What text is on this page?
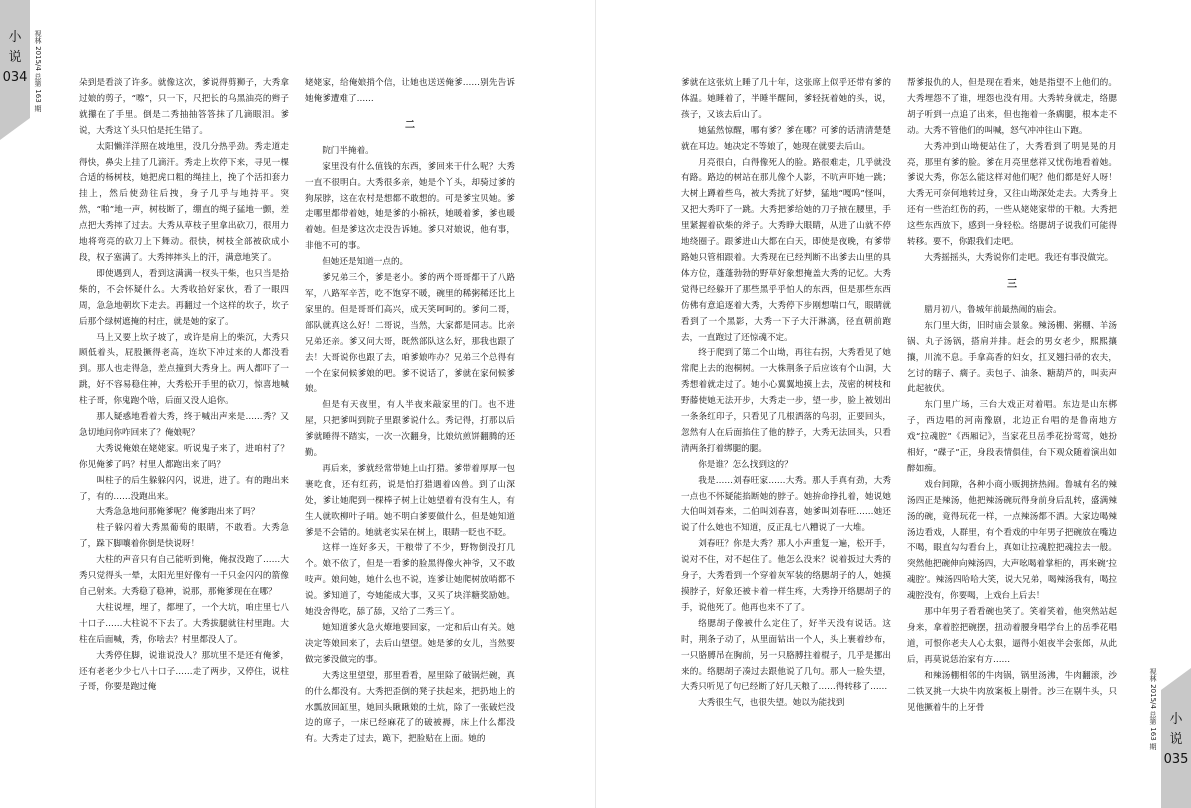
小
说
034 视林 2015/4 总第 163 期	朵到是看淡了许多。就像这次，爹说得剪狮子，大秀拿过娘的剪子，“嚓”，只一下，尺把长的乌黑油亮的辫子就攥在了手里。倒是二秀抽抽答答抹了几滴眼泪。爹说，大秀这丫头只怕是托生错了。

太阳懒洋洋照在坡地里，没几分热乎劲。秀走道走得快，鼻尖上挂了几滴汗。秀走上坎停下来，寻见一棵合适的杨树枝，她把虎口粗的绳挂上，挽了个活扣套力挂上，然后使劲往后拽，身子几乎与地持平。突然，“啪”地一声，树枝断了，绷直的绳子猛地一颤，差点把大秀摔了过去。大秀从草枝子里拿出砍刀，很用力地将弯亮的砍刀上下舞动。很快，树枝全部被砍成小段，权子塞满了。大秀摔摔头上的汗，满意地笑了。

即使遇到人，看到这满满一杈头干柴，也只当是拾柴的，不会怀疑什么。大秀收拾好家伙，看了一眼四周，急急地朝坎下走去。再翻过一个这样的坎子，坎子后那个绿树遮掩的村庄，就是她的家了。

马上又要上坎子坡了，或许是肩上的柴沉，大秀只顾低着头，屁股撅得老高，连坎下冲过来的人都没看到。那人也走得急，差点撞到大秀身上。两人都吓了一跳，好不容易稳住神，大秀松开手里的砍刀，惊喜地喊柱子哥，你鬼跑个啥，后面又没人追你。

那人疑惑地看着大秀，终于喊出声来是……秀？又急切地问你咋回来了？俺娘呢？

大秀说俺娘在姥姥家。听说鬼子来了，进咱村了？你见俺爹了吗？村里人都跑出来了吗？

叫柱子的后生躲躲闪闪，说进，进了。有的跑出来了，有的……没跑出来。

大秀急急地问那俺爹呢？俺爹跑出来了吗？

柱子躲闪着大秀黑葡萄的眼睛，不敢看。大秀急了，跺下脚嚷着你倒是快说呀！

大柱的声音只有自己能听到俺，俺叔没跑了……大秀只觉得头一晕，太阳光里好像有一千只金闪闪的箭像自己射来。大秀稳了稳神，说那，那俺爹现在在哪？

大柱说埋，埋了，都埋了，一个大坑，咱庄里七八十口子……大柱说不下去了。大秀拔腿就往村里跑。大柱在后面喊，秀，你啥去？村里都没人了。

大秀停住脚，说谁说没人？那坑里不是还有俺爹，还有老老少少七八十口子……走了两步，又停住，说柱子哥，你要是跑过俺

姥姥家，给俺娘捎个信，让她也送送俺爹……别先告诉她俺爹遭难了……

二

院门半掩着。

家里没有什么值钱的东西，爹回来干什么呢？大秀一直不很明白。大秀很多亲，她是个丫头，却骑过爹的狗尿脖，这在农村是想都不敢想的。可是爹宝贝她。爹走哪里都带着她，她是爹的小棉袄，她暖着爹，爹也暖着她。但是爹这次走没告诉她。爹只对娘说，他有事，非他不可的事。

但她还是知道一点的。

爹兄弟三个，爹是老小。爹的两个哥哥都干了八路军，八路军辛苦，吃不饱穿不暖，碗里的稀粥稀还比上家里的。但是哥哥们高兴，成天笑呵呵的。爹问二哥，部队就真这么好！二哥说，当然，大家都是同志。比亲兄弟还亲。爹又问大哥，既然部队这么好，那我也跟了去！大哥说你也跟了去，咱爹娘咋办？兄弟三个总得有一个在家伺候爹娘的吧。爹不说话了，爹就在家伺候爹娘。

但是有天夜里，有人半夜来敲家里的门。也不进屋，只把爹叫到院子里跟爹说什么。秀记得，打那以后爹就睡得不踏实，一次一次翻身，比娘炕煎饼翻腾的还勤。

再后来，爹就经常带她上山打猎。爹带着厚厚一包裹吃食，还有红药，说是怕打猎遇着凶兽。到了山深处，爹让她爬到一棵棒子树上让她望着有没有生人，有生人就吹柳叶子哨。她不明白爹要做什么，但是她知道爹是不会错的。她就老实呆在树上，眼睛一眨也不眨。

这样一连好多天，干粮带了不少，野物倒没打几个。娘不依了，但是一看爹的脸黑得像火神爷，又不敢吱声。娘问她，她什么也不说，连爹让她爬树放哨都不说。爹知道了，夸她能成大事，又买了块洋糖奖励她。她没舍得吃，舔了舔，又给了二秀三丫。

她知道爹火急火燎地要回家，一定和后山有关。她决定等娘回来了，去后山望望。她是爹的女儿，当然要做完爹没做完的事。

大秀这里望望，那里看看，屋里除了破锅烂碗，真的什么都没有。大秀把歪倒的凳子扶起来，把扔地上的水瓢放回缸里，她回头瞅瞅娘的土炕，除了一张破烂没边的席子，一床已经麻花了的破被褥，床上什么都没有。大秀走了过去，跪下，把脸贴在上面。她的

爹就在这张炕上睡了几十年，这张席上似乎还带有爹的体温。她睡着了，半睡半醒间，爹轻抚着她的头，说，孩子，又该去后山了。

她猛然惊醒，哪有爹？爹在哪？可爹的话清清楚楚就在耳边。她决定不等娘了，她现在就要去后山。

月亮很白，白得像死人的脸。路很难走，几乎就没有路。路边的树站在那儿像个人影，不吭声吓她一跳；大树上蹲着些鸟，被大秀扰了好梦，猛地“嘎呜”怪叫，又把大秀吓了一跳。大秀把爹给她的刀子掖在腰里，手里紧握着砍柴的斧子。大秀睁大眼睛，从进了山就不停地绕圈子。跟爹进山大都在白天，即使是夜晚，有爹带路她只管相跟着。大秀现在已经判断不出爹去山里的具体方位，蓬蓬勃勃的野草好象想掩盖大秀的记忆。大秀觉得已经躲开了那些黑乎乎怕人的东西，但是那些东西仿佛有意追逐着大秀，大秀停下步刚想喘口气，眼睛就看到了一个黑影，大秀一下子大汗淋漓，径直朝前跑去，一直跑过了还惊魂不定。

终于爬到了第二个山坳，再往右拐，大秀看见了她常爬上去的泡桐树。一大株荆条子后应该有个山洞，大秀想着就走过了。她小心翼翼地摸上去，茂密的树枝和野藤使她无法开步，大秀走一步，望一步，脸上被划出一条条红印子，只看见了几根洒落的鸟羽，正要回头，忽然有人在后面掐住了他的脖子，大秀无法回头，只看清两条打着绑腿的腿。

你是谁？怎么找到这的？

我是……刘春旺家……大秀。那人手真有劲，大秀一点也不怀疑能掐断她的脖子。她拚命挣扎着，她说她大伯叫刘春来，二伯叫刘春喜，她爹叫刘春旺……她还说了什么她也不知道，反正乱七八糟说了一大堆。

刘春旺？你是大秀？那人小声重复一遍，松开手，说对不住，对不起住了。他怎么没来？说着扳过大秀的身子，大秀看到一个穿着灰军装的络腮胡子的人，她摸摸脖子，好象还被卡着一样生疼，大秀挣开络腮胡子的手，说他死了。他再也来不了了。

络腮胡子像被什么定住了，好半天没有说话。这时，荆条子动了，从里面钻出一个人，头上裹着纱布，一只胳膊吊在胸前，另一只胳膊拄着棍子，几乎是挪出来的。络腮胡子凑过去跟他说了几句。那人一脸失望，大秀只听见了句已经断了好几天粮了……得转移了……

大秀很生气，也很失望。她以为能找到

帮爹报仇的人，但是现在看来，她是指望不上他们的。大秀埋怨不了谁，埋怨也没有用。大秀转身就走，络腮胡子听到一点追了出来，但也拖着一条瘸腿，根本走不动。大秀不管他们的叫喊，怒气冲冲往山下跑。

大秀冲到山坳便站住了，大秀看到了明晃晃的月亮，那里有爹的脸。爹在月亮里慈祥又忧伤地看着她。爹说大秀，你怎么能这样对他们呢？他们都是好人呀！大秀无可奈何地转过身，又往山坳深处走去。大秀身上还有一些治红伤的药，一些从姥姥家带的干粮。大秀把这些东西放下，感到一身轻松。络腮胡子说我们可能得转移。要不，你跟我们走吧。

大秀摇摇头，大秀说你们走吧。我还有事没做完。

三

腊月初八，鲁城年前最热闹的庙会。

东门里大街，旧时庙会景象。辣汤棚、粥棚、羊汤锅、丸子汤锅，搭肩并排。赶会的男女老少，熙熙攘攘，川流不息。手拿高香的妇女，扛叉翘扫帚的农夫，乞讨的瞎子、瘸子。卖包子、油条、糖葫芦的，叫卖声此起彼伏。

东门里广场，三台大戏正对着唱。东边是山东梆子，西边唱的河南豫剧，北边正台唱的是鲁南地方戏“拉魂腔”《西厢记》，当家花旦岳季花扮莺莺，她扮相好，“碟子”正，身段表情俱佳，台下观众随着演出如醉如痴。

戏台间隙，各种小商小贩拥挤热闹。鲁城有名的辣汤四正是辣汤，他把辣汤碗玩得身前身后乱转，盛满辣汤的碗，竟得玩花一样，一点辣汤都不洒。大家边喝辣汤边看戏，人群里，有个看戏的中年男子把碗放在嘴边不喝，眼直勾勾看台上，真如让拉魂腔把魂拉去一般。突然他把碗伸向辣汤四，大声吆喝着掌柜的，再来碗‘拉魂腔’。辣汤四哈哈大笑，说大兄弟，喝辣汤我有，喝拉魂腔没有，你要喝，上戏台上后去！

那中年男子看看碗也笑了。笑着笑着，他突然站起身来，拿着腔把碗摆，扭动着腰身唱学台上的岳季花唱道，可恨你老夫人心太狠，逼得小姐夜半会张郎，从此后，再莫说恁治家有方……

和辣汤棚相邻的牛肉锅，锅里汤沸，牛肉翻滚，沙二铁叉挑一大块牛肉放案板上剔骨。沙三在剔牛头，只见他撅着牛的上牙骨	视林 2015/4 总第 163 期 小
说
035
